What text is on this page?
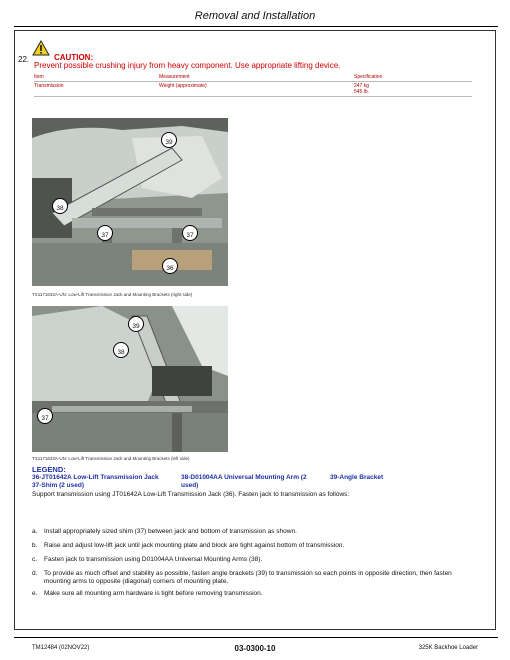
Removal and Installation
22.	CAUTION:
Prevent possible crushing injury from heavy component. Use appropriate lifting device.
Item	Measurement	Specification
Transmission	Weight (approximate)	247 kg
545 lb.
39
38
37	37
36
TX1171632A-UN: Low-Lift Transmission Jack and Mounting Brackets (right side)
39
38
37
TX1171633A-UN: Low-Lift Transmission Jack and Mounting Brackets (left side)
LEGEND:
36-JT01642A Low-Lift Transmission Jack
37-Shim (2 used)
38-D01004AA Universal Mounting Arm (2
used)
39-Angle Bracket
Support transmission using JT01642A Low-Lift Transmission Jack (36). Fasten jack to transmission as follows:
a. Install appropriately sized shim (37) between jack and bottom of transmission as shown.
b. Raise and adjust low-lift jack until jack mounting plate and block are tight against bottom of transmission.
c. Fasten jack to transmission using D01004AA Universal Mounting Arms (38).
d.	To provide as much offset and stability as possible, fasten angle brackets (39) to transmission so each points in opposite direction, then fasten mounting arms to opposite (diagonal) corners of mounting plate.
e. Make sure all mounting arm hardware is tight before removing transmission.
TM12484 (02NOV22)	03-0300-10	325K Backhoe Loader
